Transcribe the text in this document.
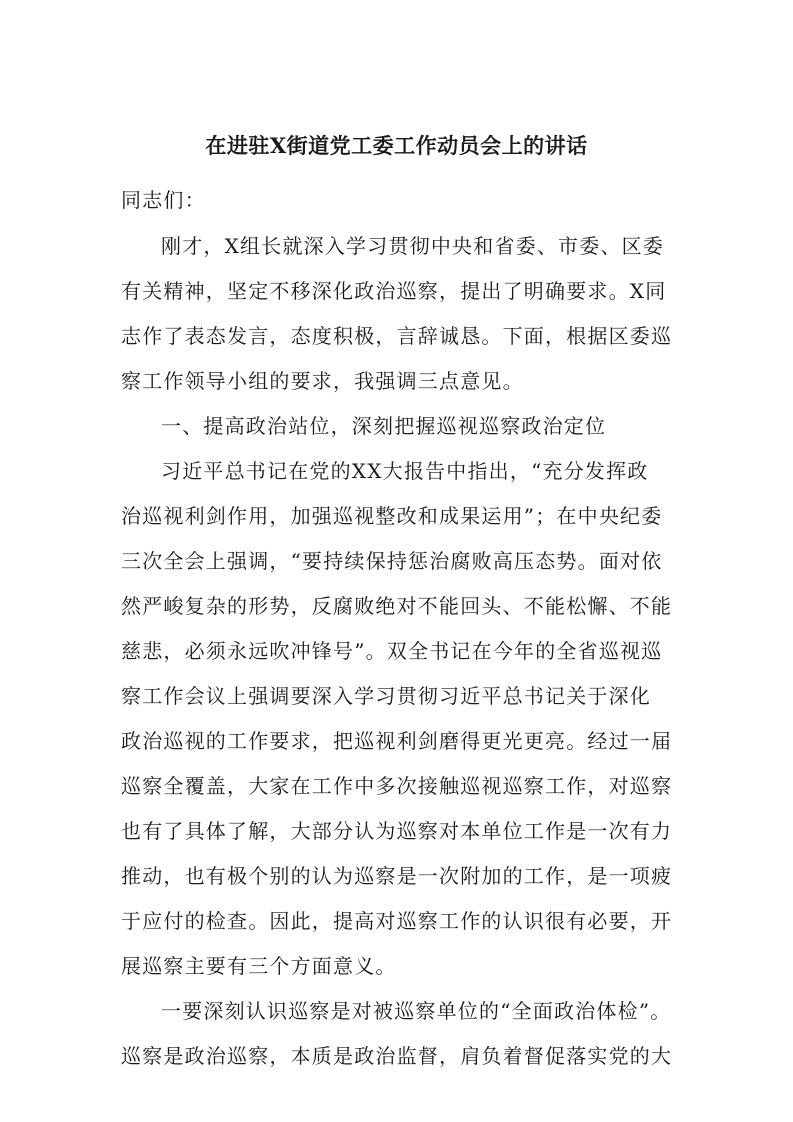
在进驻X街道党工委工作动员会上的讲话
同志们：
刚才，X组长就深入学习贯彻中央和省委、市委、区委
有关精神，坚定不移深化政治巡察，提出了明确要求。X同
志作了表态发言，态度积极，言辞诚恳。下面，根据区委巡
察工作领导小组的要求，我强调三点意见。
一、提高政治站位，深刻把握巡视巡察政治定位
习近平总书记在党的XX大报告中指出，“充分发挥政
治巡视利剑作用，加强巡视整改和成果运用”；在中央纪委
三次全会上强调，“要持续保持惩治腐败高压态势。面对依
然严峻复杂的形势，反腐败绝对不能回头、不能松懈、不能
慈悲，必须永远吹冲锋号”。双全书记在今年的全省巡视巡
察工作会议上强调要深入学习贯彻习近平总书记关于深化
政治巡视的工作要求，把巡视利剑磨得更光更亮。经过一届
巡察全覆盖，大家在工作中多次接触巡视巡察工作，对巡察
也有了具体了解，大部分认为巡察对本单位工作是一次有力
推动，也有极个别的认为巡察是一次附加的工作，是一项疲
于应付的检查。因此，提高对巡察工作的认识很有必要，开
展巡察主要有三个方面意义。
一要深刻认识巡察是对被巡察单位的“全面政治体检”。
巡察是政治巡察，本质是政治监督，肩负着督促落实党的大
